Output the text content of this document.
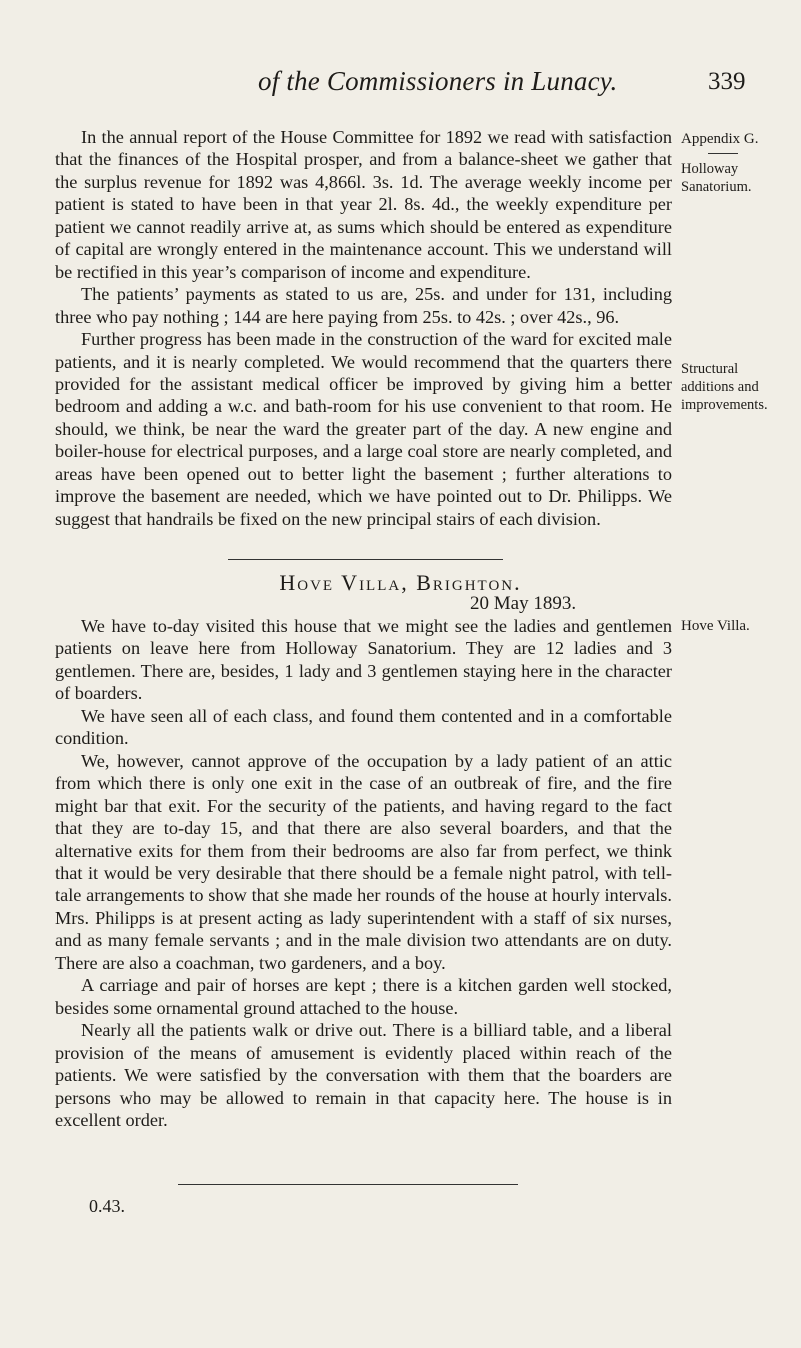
of the Commissioners in Lunacy.	339

In the annual report of the House Committee for 1892 we read with satisfaction that the finances of the Hospital prosper, and from a balance-sheet we gather that the surplus revenue for 1892 was 4,866l. 3s. 1d. The average weekly income per patient is stated to have been in that year 2l. 8s. 4d., the weekly expenditure per patient we cannot readily arrive at, as sums which should be entered as expenditure of capital are wrongly entered in the maintenance account. This we understand will be rectified in this year’s comparison of income and expenditure.

The patients’ payments as stated to us are, 25s. and under for 131, including three who pay nothing ; 144 are here paying from 25s. to 42s. ; over 42s., 96.

Further progress has been made in the construction of the ward for excited male patients, and it is nearly completed. We would recommend that the quarters there provided for the assistant medical officer be improved by giving him a better bedroom and adding a w.c. and bath-room for his use convenient to that room. He should, we think, be near the ward the greater part of the day. A new engine and boiler-house for electrical purposes, and a large coal store are nearly completed, and areas have been opened out to better light the basement ; further alterations to improve the basement are needed, which we have pointed out to Dr. Philipps. We suggest that handrails be fixed on the new principal stairs of each division.

Hove Villa, Brighton.
20 May 1893.

We have to-day visited this house that we might see the ladies and gentlemen patients on leave here from Holloway Sanatorium. They are 12 ladies and 3 gentlemen. There are, besides, 1 lady and 3 gentlemen staying here in the character of boarders.

We have seen all of each class, and found them contented and in a comfortable condition.

We, however, cannot approve of the occupation by a lady patient of an attic from which there is only one exit in the case of an outbreak of fire, and the fire might bar that exit. For the security of the patients, and having regard to the fact that they are to-day 15, and that there are also several boarders, and that the alternative exits for them from their bedrooms are also far from perfect, we think that it would be very desirable that there should be a female night patrol, with tell-tale arrangements to show that she made her rounds of the house at hourly intervals. Mrs. Philipps is at present acting as lady superintendent with a staff of six nurses, and as many female servants ; and in the male division two attendants are on duty. There are also a coachman, two gardeners, and a boy.

A carriage and pair of horses are kept ; there is a kitchen garden well stocked, besides some ornamental ground attached to the house.

Nearly all the patients walk or drive out. There is a billiard table, and a liberal provision of the means of amusement is evidently placed within reach of the patients. We were satisfied by the conversation with them that the boarders are persons who may be allowed to remain in that capacity here. The house is in excellent order.

0.43.
Appendix G.
Holloway
Sanatorium.
Structural
additions and
improvements.
Hove Villa.
